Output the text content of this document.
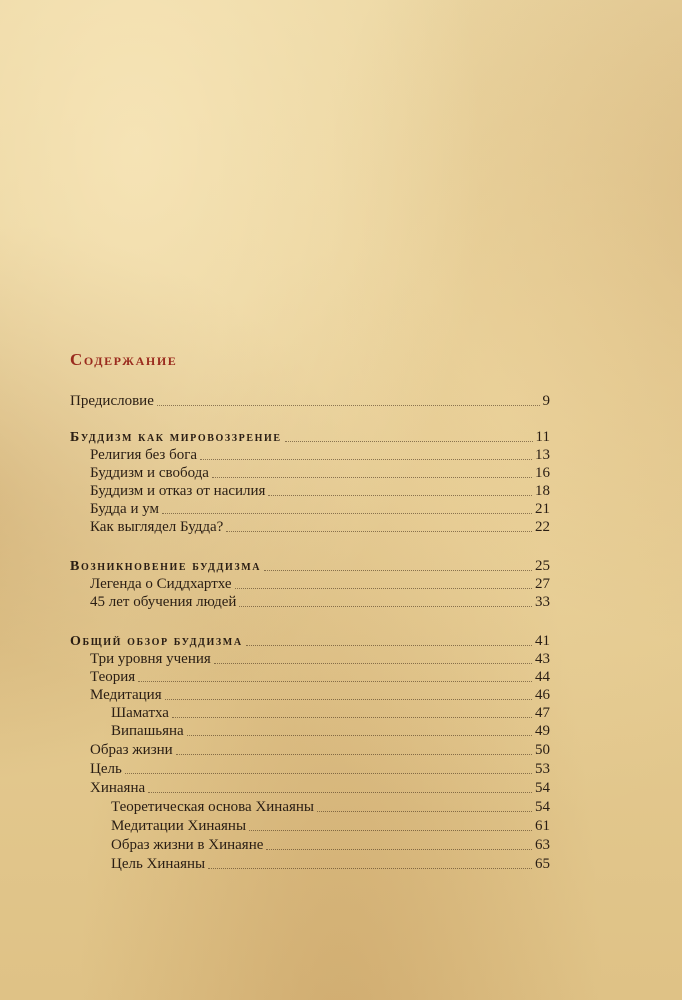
Содержание
Предисловие	9
Буддизм как мировоззрение	11
Религия без бога	13
Буддизм и свобода	16
Буддизм и отказ от насилия	18
Будда и ум	21
Как выглядел Будда?	22
Возникновение буддизма	25
Легенда о Сиддхартхе	27
45 лет обучения людей	33
Общий обзор буддизма	41
Три уровня учения	43
Теория	44
Медитация	46
Шаматха	47
Випашьяна	49
Образ жизни	50
Цель	53
Хинаяна	54
Теоретическая основа Хинаяны	54
Медитации Хинаяны	61
Образ жизни в Хинаяне	63
Цель Хинаяны	65
